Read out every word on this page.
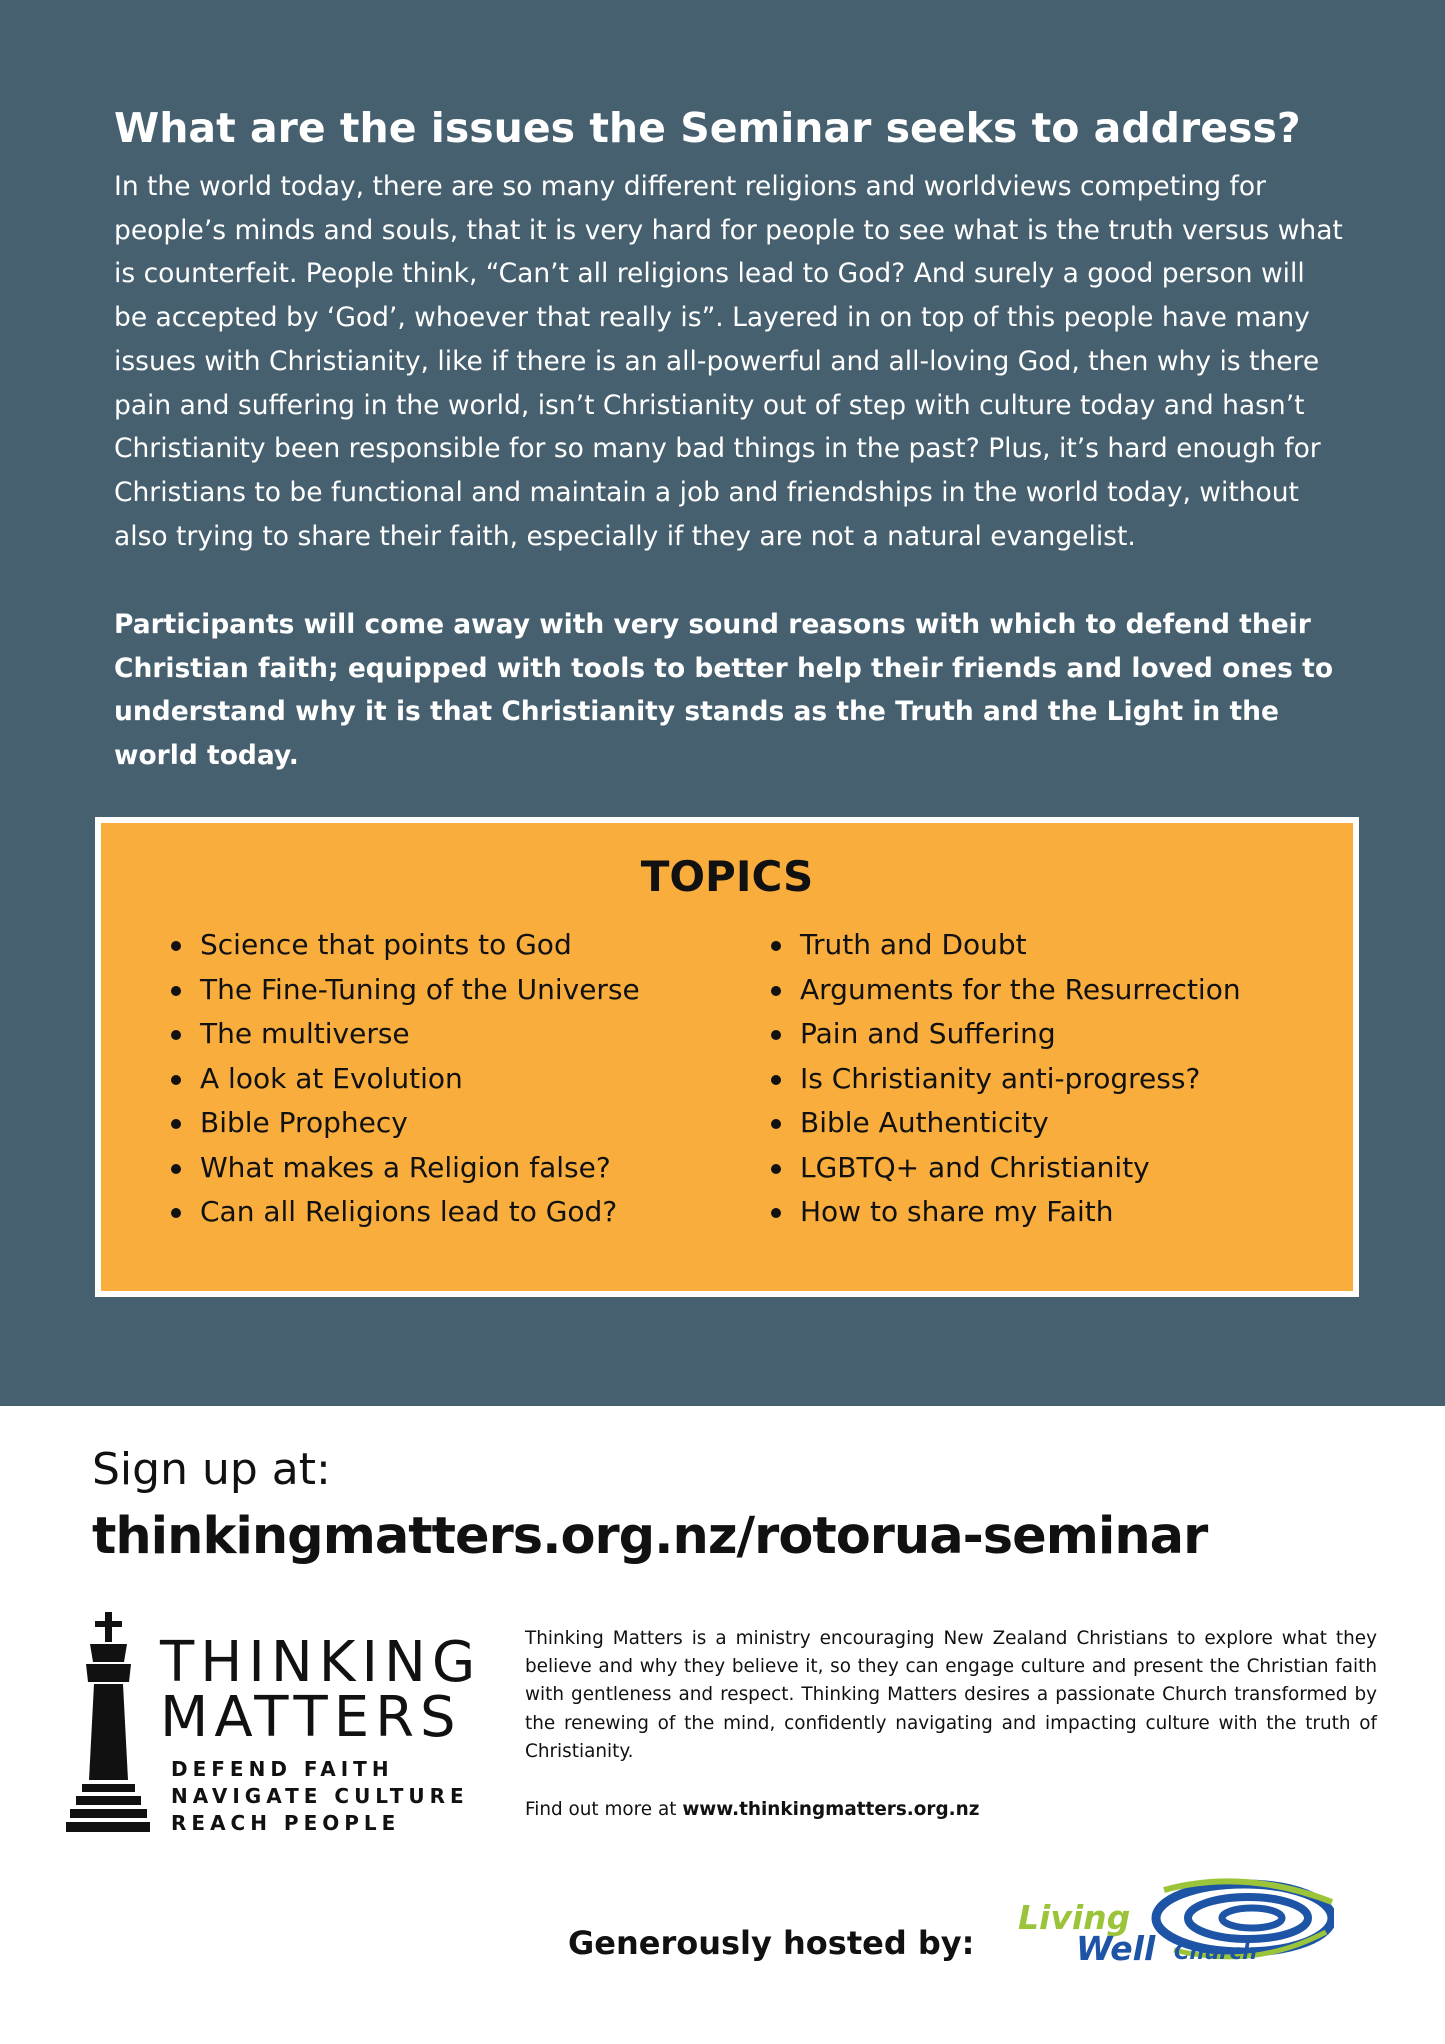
What are the issues the Seminar seeks to address?

In the world today, there are so many different religions and worldviews competing for people’s minds and souls, that it is very hard for people to see what is the truth versus what is counterfeit. People think, “Can’t all religions lead to God? And surely a good person will be accepted by ‘God’, whoever that really is”. Layered in on top of this people have many issues with Christianity, like if there is an all-powerful and all-loving God, then why is there pain and suffering in the world, isn’t Christianity out of step with culture today and hasn’t Christianity been responsible for so many bad things in the past? Plus, it’s hard enough for Christians to be functional and maintain a job and friendships in the world today, without also trying to share their faith, especially if they are not a natural evangelist.

Participants will come away with very sound reasons with which to defend their Christian faith; equipped with tools to better help their friends and loved ones to understand why it is that Christianity stands as the Truth and the Light in the world today.

TOPICS
Science that points to God
The Fine-Tuning of the Universe
The multiverse
A look at Evolution
Bible Prophecy
What makes a Religion false?
Can all Religions lead to God?
Truth and Doubt
Arguments for the Resurrection
Pain and Suffering
Is Christianity anti-progress?
Bible Authenticity
LGBTQ+ and Christianity
How to share my Faith

Sign up at:

thinkingmatters.org.nz/rotorua-seminar

THINKING

MATTERS

DEFEND FAITH

NAVIGATE CULTURE

REACH PEOPLE

Thinking Matters is a ministry encouraging New Zealand Christians to explore what they believe and why they believe it, so they can engage culture and present the Christian faith with gentleness and respect. Thinking Matters desires a passionate Church transformed by the renewing of the mind, confidently navigating and impacting culture with the truth of Christianity.

Find out more at www.thinkingmatters.org.nz

Generously hosted by:

Living
Well Church
